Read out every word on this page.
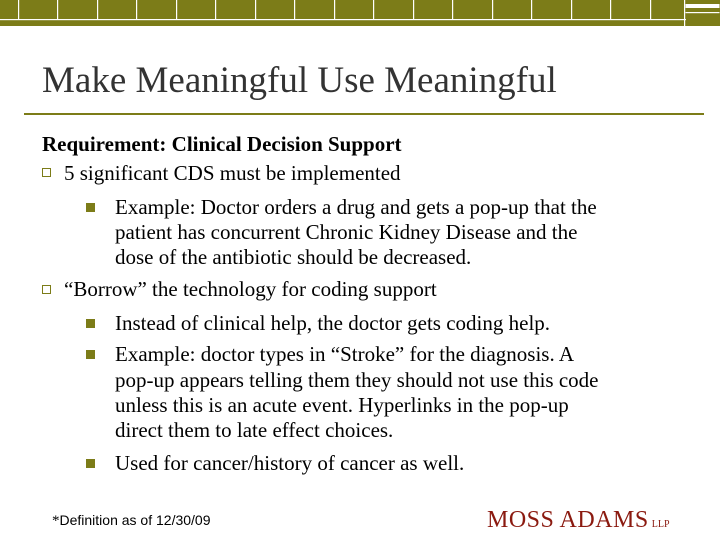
Make Meaningful Use Meaningful
Requirement: Clinical Decision Support
5 significant CDS must be implemented
Example: Doctor orders a drug and gets a pop-up that the
patient has concurrent Chronic Kidney Disease and the
dose of the antibiotic should be decreased.
“Borrow” the technology for coding support
Instead of clinical help, the doctor gets coding help.
Example: doctor types in “Stroke” for the diagnosis. A
pop-up appears telling them they should not use this code
unless this is an acute event. Hyperlinks in the pop-up
direct them to late effect choices.
Used for cancer/history of cancer as well.
*Definition as of 12/30/09	MOSS ADAMS LLP
